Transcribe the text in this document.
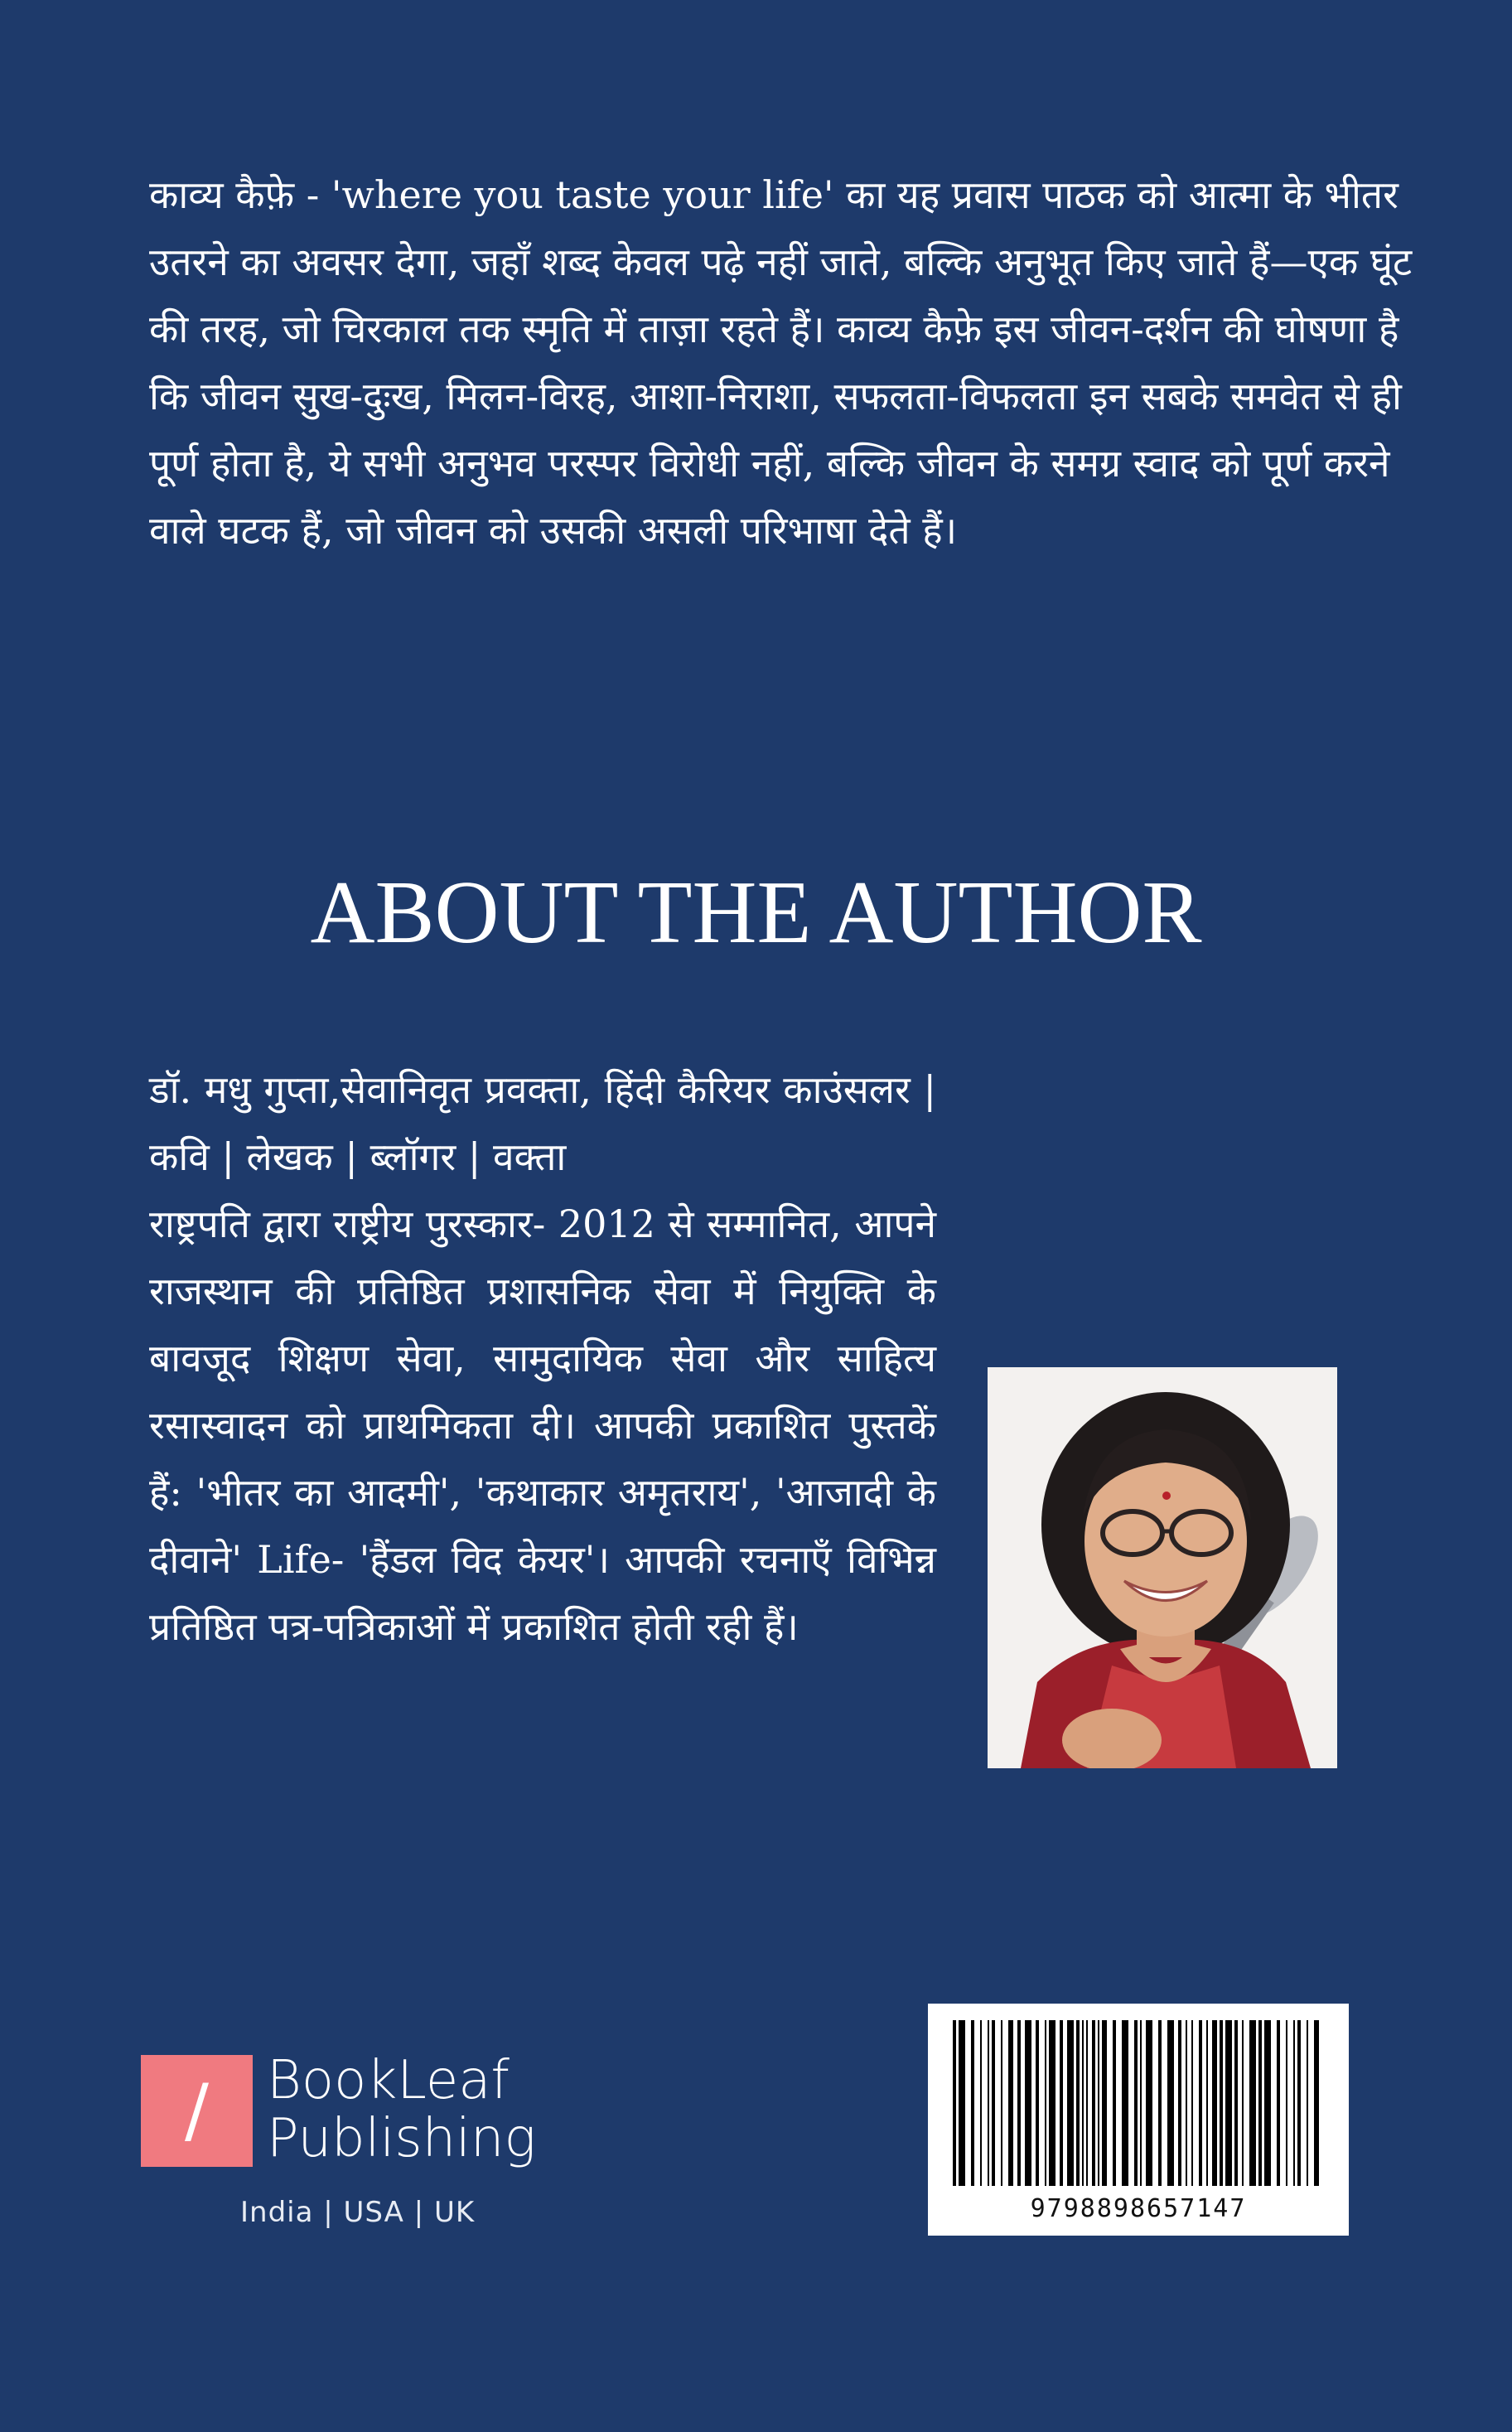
काव्य कैफ़े - 'where you taste your life' का यह प्रवास पाठक को आत्मा के भीतर उतरने का अवसर देगा, जहाँ शब्द केवल पढ़े नहीं जाते, बल्कि अनुभूत किए जाते हैं—एक घूंट की तरह, जो चिरकाल तक स्मृति में ताज़ा रहते हैं। काव्य कैफ़े इस जीवन-दर्शन की घोषणा है कि जीवन सुख-दुःख, मिलन-विरह, आशा-निराशा, सफलता-विफलता इन सबके समवेत से ही पूर्ण होता है, ये सभी अनुभव परस्पर विरोधी नहीं, बल्कि जीवन के समग्र स्वाद को पूर्ण करने वाले घटक हैं, जो जीवन को उसकी असली परिभाषा देते हैं।

ABOUT THE AUTHOR

डॉ. मधु गुप्ता,सेवानिवृत प्रवक्ता, हिंदी कैरियर काउंसलर | कवि | लेखक | ब्लॉगर | वक्ता

राष्ट्रपति द्वारा राष्ट्रीय पुरस्कार- 2012 से सम्मानित, आपने राजस्थान की प्रतिष्ठित प्रशासनिक सेवा में नियुक्ति के बावजूद शिक्षण सेवा, सामुदायिक सेवा और साहित्य रसास्वादन को प्राथमिकता दी। आपकी प्रकाशित पुस्तकें हैं: 'भीतर का आदमी', 'कथाकार अमृतराय', 'आजादी के दीवाने' Life- 'हैंडल विद केयर'। आपकी रचनाएँ विभिन्न प्रतिष्ठित पत्र-पत्रिकाओं में प्रकाशित होती रही हैं।

/	BookLeaf
Publishing
India | USA | UK	9798898657147
